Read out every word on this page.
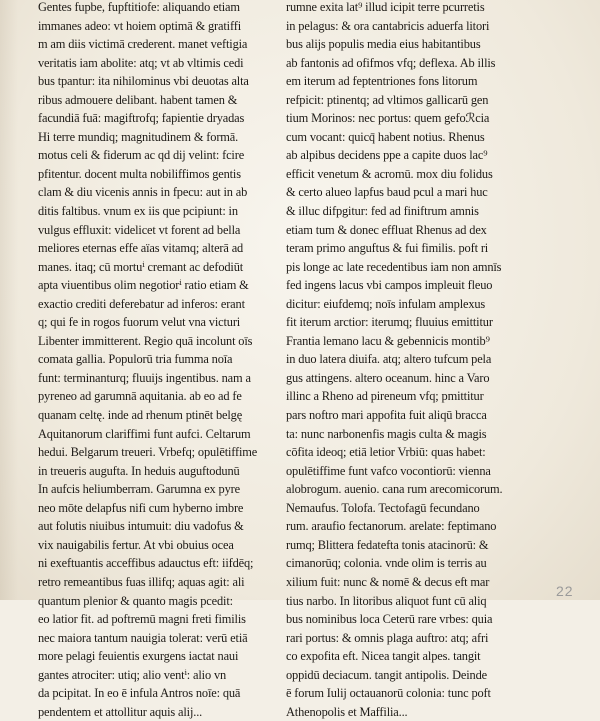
Gentes fupbe, fupftitiofe: aliquando etiam
immanes adeo: vt hoiem optimā & gratiffi
m am diis victimā crederent. manet veftigia
veritatis iam abolite: atq; vt ab vltimis cedi
bus tpantur: ita nihilominus vbi deuotas alta
ribus admouere delibant. habent tamen &
facundiā fuā: magiftrofq; fapientie dryadas
Hi terre mundiq; magnitudinem & formā.
motus celi & fiderum ac qd dij velint: fcire
pfitentur. docent multa nobiliffimos gentis
clam & diu vicenis annis in fpecu: aut in ab
ditis faltibus. vnum ex iis que pcipiunt: in
vulgus effluxit: videlicet vt forent ad bella
meliores eternas effe aïas vitamq; alterā ad
manes. itaq; cū mortuⁱ cremant ac defodiūt
apta viuentibus olim negotiorⁱ ratio etiam &
exactio crediti deferebatur ad inferos: erant
q; qui fe in rogos fuorum velut vna victuri
Libenter immitterent. Regio quā incolunt oīs
comata gallia. Populorū tria fumma noīa
funt: terminanturq; fluuijs ingentibus. nam a
pyreneo ad garumnā aquitania. ab eo ad fe
quanam celtę. inde ad rhenum ptinēt belgę
Aquitanorum clariffimi funt aufci. Celtarum
hedui. Belgarum treueri. Vrbefq; opulētiffime
in treueris augufta. In heduis auguftodunū
In aufcis heliumberram. Garumna ex pyre
neo mōte delapfus nifi cum hyberno imbre
aut folutis niuibus intumuit: diu vadofus &
vix nauigabilis fertur. At vbi obuius ocea
ni exeftuantis acceffibus adauctus eft: iifdēq;
retro remeantibus fuas illifq; aquas agit: ali
quantum plenior & quanto magis pcedit:
eo latior fit. ad poftremū magni freti fimilis
nec maiora tantum nauigia tolerat: verū etiā
more pelagi feuientis exurgens iactat naui
gantes atrociter: utiq; alio ventⁱ: alio vn
da pcipitat. In eo ē infula Antros noīe: quā
pendentem et attollitur aquis alij...
rumne exita lat⁹ illud icipit terre pcurretis
in pelagus: & ora cantabricis aduerfa litori
bus alijs populis media eius habitantibus
ab fantonis ad ofifmos vfq; deflexa. Ab illis
em iterum ad feptentriones fons litorum
refpicit: ptinentq; ad vltimos gallicarū gen
tium Morinos: nec portus: quem gefoℛcia
cum vocant: quicq̄ habent notius. Rhenus
ab alpibus decidens ppe a capite duos lac⁹
efficit venetum & acromū. mox diu folidus
& certo alueo lapfus baud pcul a mari huc
& illuc difpgitur: fed ad finiftrum amnis
etiam tum & donec effluat Rhenus ad dex
teram primo anguftus & fui fimilis. poft ri
pis longe ac late recedentibus iam non amnīs
fed ingens lacus vbi campos impleuit fleuo
dicitur: eiufdemq; noīs infulam amplexus
fit iterum arctior: iterumq; fluuius emittitur
Frantia lemano lacu & gebennicis montib⁹
in duo latera diuifa. atq; altero tufcum pela
gus attingens. altero oceanum. hinc a Varo
illinc a Rheno ad pireneum vfq; pmittitur
pars noftro mari appofita fuit aliqū bracca
ta: nunc narbonenfis magis culta & magis
cōfita ideoq; etiā letior Vrbiū: quas habet:
opulētiffime funt vafco vocontiorū: vienna
alobrogum. auenio. cana rum arecomicorum.
Nemaufus. Tolofa. Tectofagū fecundano
rum. araufio fectanorum. arelate: feptimano
rumq; Blittera fedatefta tonis atacinorū: &
cimanorūq; colonia. vnde olim is terris au
xilium fuit: nunc & nomē & decus eft mar
tius narbo. In litoribus aliquot funt cū aliq
bus nominibus loca Ceterū rare vrbes: quia
rari portus: & omnis plaga auftro: atq; afri
co expofita eft. Nicea tangit alpes. tangit
oppidū deciacum. tangit antipolis. Deinde
ē forum Iulij octauanorū colonia: tunc poft
Athenopolis et Maffilia...
22
